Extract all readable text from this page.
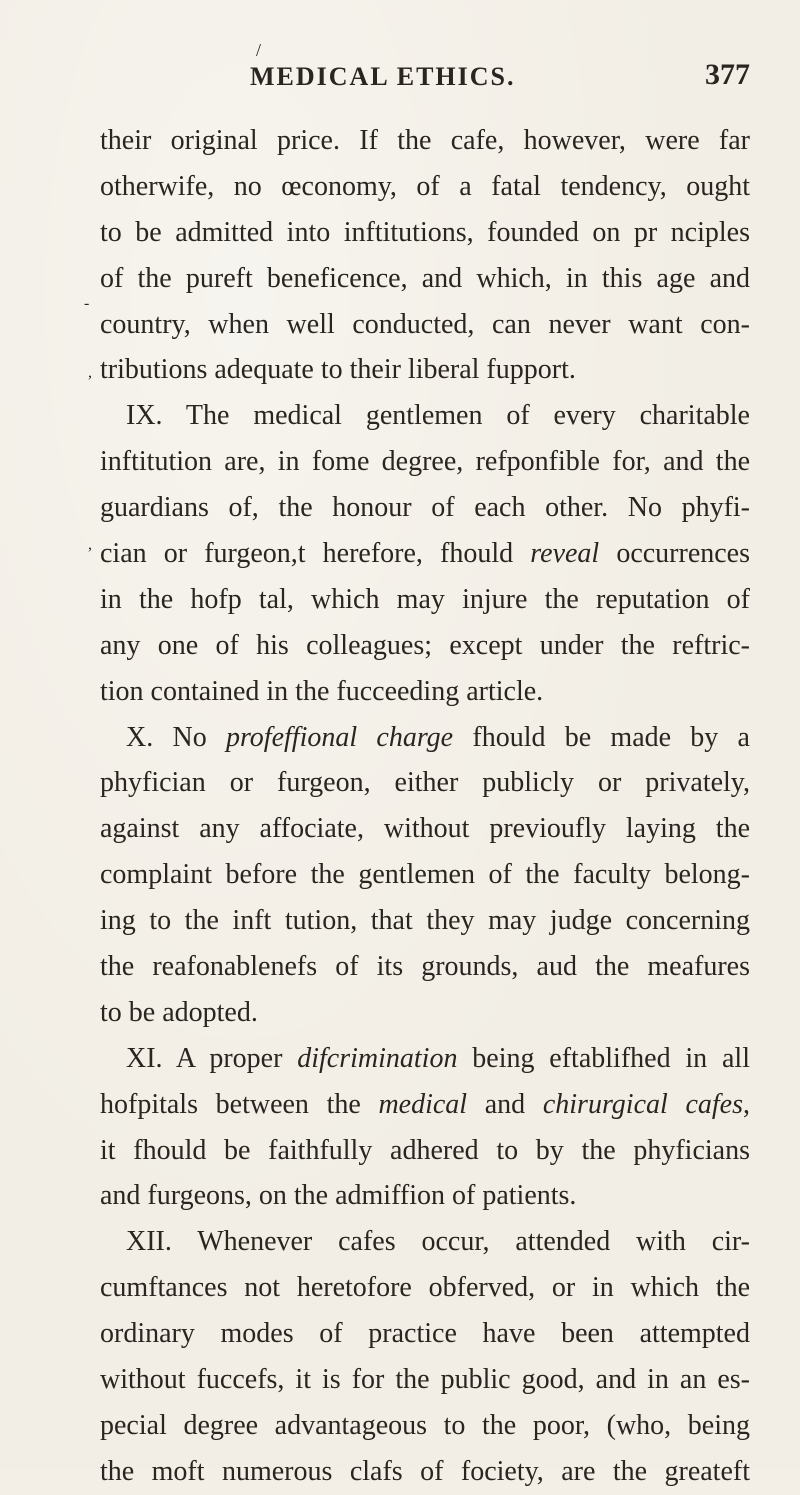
/
MEDICAL ETHICS.	377
-
,
,
their original price. If the cafe, however, were far
otherwife, no œconomy, of a fatal tendency, ought
to be admitted into inftitutions, founded on pr nciples
of the pureft beneficence, and which, in this age and
country, when well conducted, can never want con-
tributions adequate to their liberal fupport.
IX. The medical gentlemen of every charitable
inftitution are, in fome degree, refponfible for, and the
guardians of, the honour of each other. No phyfi-
cian or furgeon,t herefore, fhould reveal occurrences
in the hofp tal, which may injure the reputation of
any one of his colleagues; except under the reftric-
tion contained in the fucceeding article.
X. No profeffional charge fhould be made by a
phyfician or furgeon, either publicly or privately,
against any affociate, without previoufly laying the
complaint before the gentlemen of the faculty belong-
ing to the inft tution, that they may judge concerning
the reafonablenefs of its grounds, aud the meafures
to be adopted.
XI. A proper difcrimination being eftablifhed in all
hofpitals between the medical and chirurgical cafes,
it fhould be faithfully adhered to by the phyficians
and furgeons, on the admiffion of patients.
XII. Whenever cafes occur, attended with cir-
cumftances not heretofore obferved, or in which the
ordinary modes of practice have been attempted
without fuccefs, it is for the public good, and in an es-
pecial degree advantageous to the poor, (who, being
the moft numerous clafs of fociety, are the greateft
